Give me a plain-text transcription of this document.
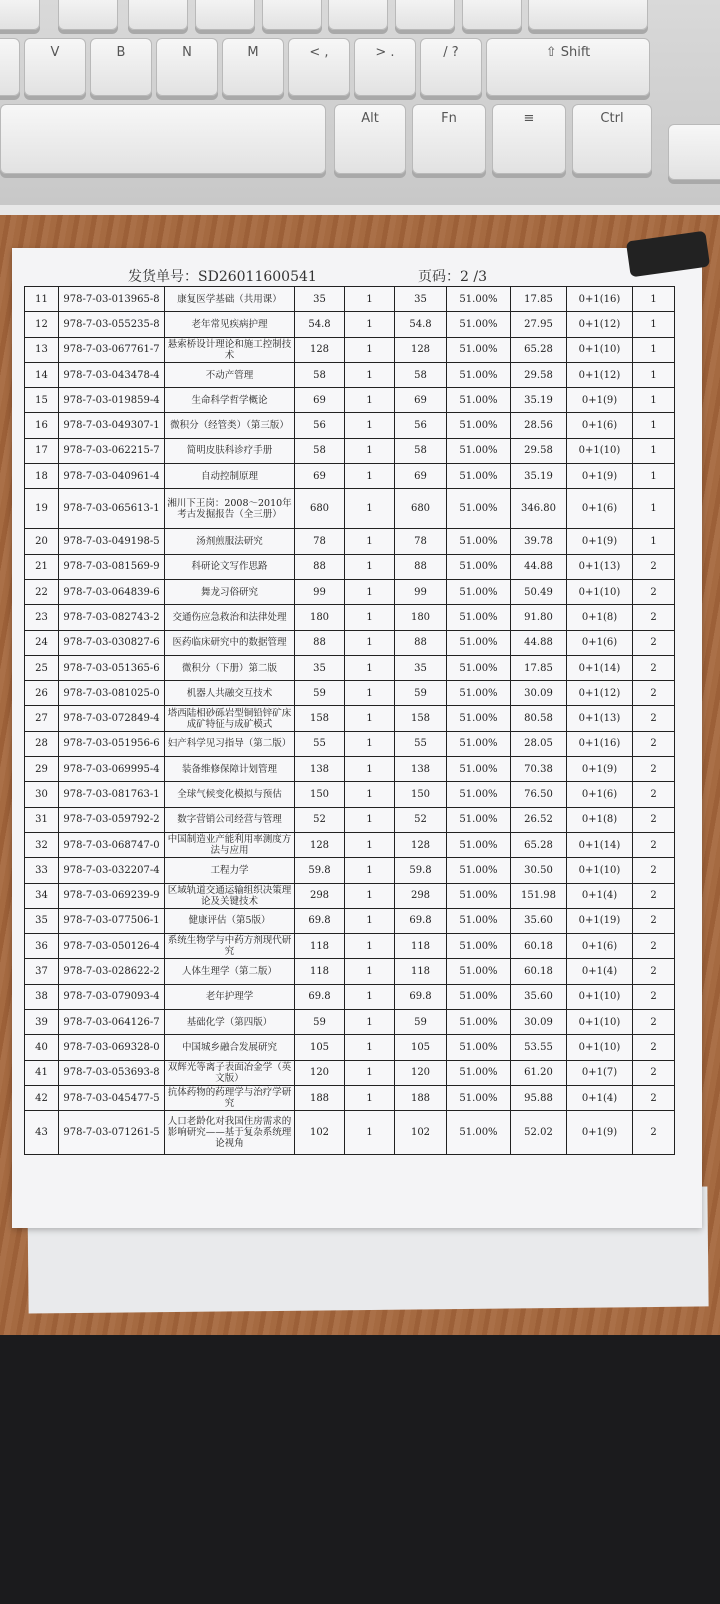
V	B	N	M	< ,	> .	/ ?	⇧ Shift
Alt	Fn	≡	Ctrl
发货单号：SD26011600541	页码：2 /3
11	978-7-03-013965-8	康复医学基础（共用课）	35	1	35	51.00%	17.85	0+1(16)	1
12	978-7-03-055235-8	老年常见疾病护理	54.8	1	54.8	51.00%	27.95	0+1(12)	1
13	978-7-03-067761-7	悬索桥设计理论和施工控制技术	128	1	128	51.00%	65.28	0+1(10)	1
14	978-7-03-043478-4	不动产管理	58	1	58	51.00%	29.58	0+1(12)	1
15	978-7-03-019859-4	生命科学哲学概论	69	1	69	51.00%	35.19	0+1(9)	1
16	978-7-03-049307-1	微积分（经管类）（第三版）	56	1	56	51.00%	28.56	0+1(6)	1
17	978-7-03-062215-7	简明皮肤科诊疗手册	58	1	58	51.00%	29.58	0+1(10)	1
18	978-7-03-040961-4	自动控制原理	69	1	69	51.00%	35.19	0+1(9)	1
19	978-7-03-065613-1	湘川下王岗：2008～2010年考古发掘报告（全三册）	680	1	680	51.00%	346.80	0+1(6)	1
20	978-7-03-049198-5	汤剂煎服法研究	78	1	78	51.00%	39.78	0+1(9)	1
21	978-7-03-081569-9	科研论文写作思路	88	1	88	51.00%	44.88	0+1(13)	2
22	978-7-03-064839-6	舞龙习俗研究	99	1	99	51.00%	50.49	0+1(10)	2
23	978-7-03-082743-2	交通伤应急救治和法律处理	180	1	180	51.00%	91.80	0+1(8)	2
24	978-7-03-030827-6	医药临床研究中的数据管理	88	1	88	51.00%	44.88	0+1(6)	2
25	978-7-03-051365-6	微积分（下册）第二版	35	1	35	51.00%	17.85	0+1(14)	2
26	978-7-03-081025-0	机器人共融交互技术	59	1	59	51.00%	30.09	0+1(12)	2
27	978-7-03-072849-4	塔西陆相砂砾岩型铜铅锌矿床成矿特征与成矿模式	158	1	158	51.00%	80.58	0+1(13)	2
28	978-7-03-051956-6	妇产科学见习指导（第二版）	55	1	55	51.00%	28.05	0+1(16)	2
29	978-7-03-069995-4	装备维修保障计划管理	138	1	138	51.00%	70.38	0+1(9)	2
30	978-7-03-081763-1	全球气候变化模拟与预估	150	1	150	51.00%	76.50	0+1(6)	2
31	978-7-03-059792-2	数字营销公司经营与管理	52	1	52	51.00%	26.52	0+1(8)	2
32	978-7-03-068747-0	中国制造业产能利用率测度方法与应用	128	1	128	51.00%	65.28	0+1(14)	2
33	978-7-03-032207-4	工程力学	59.8	1	59.8	51.00%	30.50	0+1(10)	2
34	978-7-03-069239-9	区域轨道交通运输组织决策理论及关键技术	298	1	298	51.00%	151.98	0+1(4)	2
35	978-7-03-077506-1	健康评估（第5版）	69.8	1	69.8	51.00%	35.60	0+1(19)	2
36	978-7-03-050126-4	系统生物学与中药方剂现代研究	118	1	118	51.00%	60.18	0+1(6)	2
37	978-7-03-028622-2	人体生理学（第二版）	118	1	118	51.00%	60.18	0+1(4)	2
38	978-7-03-079093-4	老年护理学	69.8	1	69.8	51.00%	35.60	0+1(10)	2
39	978-7-03-064126-7	基础化学（第四版）	59	1	59	51.00%	30.09	0+1(10)	2
40	978-7-03-069328-0	中国城乡融合发展研究	105	1	105	51.00%	53.55	0+1(10)	2
41	978-7-03-053693-8	双辉光等离子表面冶金学（英文版）	120	1	120	51.00%	61.20	0+1(7)	2
42	978-7-03-045477-5	抗体药物的药理学与治疗学研究	188	1	188	51.00%	95.88	0+1(4)	2
43	978-7-03-071261-5	人口老龄化对我国住房需求的影响研究——基于复杂系统理论视角	102	1	102	51.00%	52.02	0+1(9)	2
